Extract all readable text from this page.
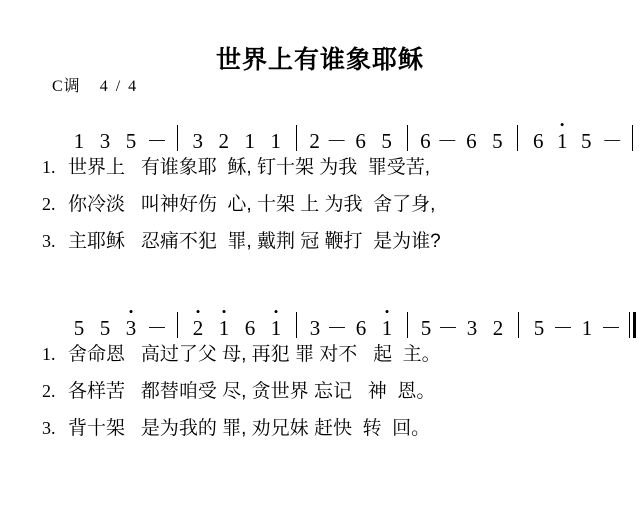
世界上有谁象耶稣
C调 4 / 4
1 3 5 －	3 2 1 1	2 － 6 5	6 － 6 5	6
•
1 5 －
1. 世界上   有谁象耶  稣, 钉十架 为我  罪受苦,
2. 你冷淡   叫神好伤  心, 十架 上 为我  舍了身,
3. 主耶稣   忍痛不犯  罪, 戴荆 冠 鞭打  是为谁?
5 5
•
3 －
•
2
•
1 6
•
1	3 － 6
•
1	5 － 3 2	5 － 1 －
1. 舍命恩   高过了父 母, 再犯 罪 对不   起  主。
2. 各样苦   都替咱受 尽, 贪世界 忘记   神  恩。
3. 背十架   是为我的 罪, 劝兄妹 赶快  转  回。
